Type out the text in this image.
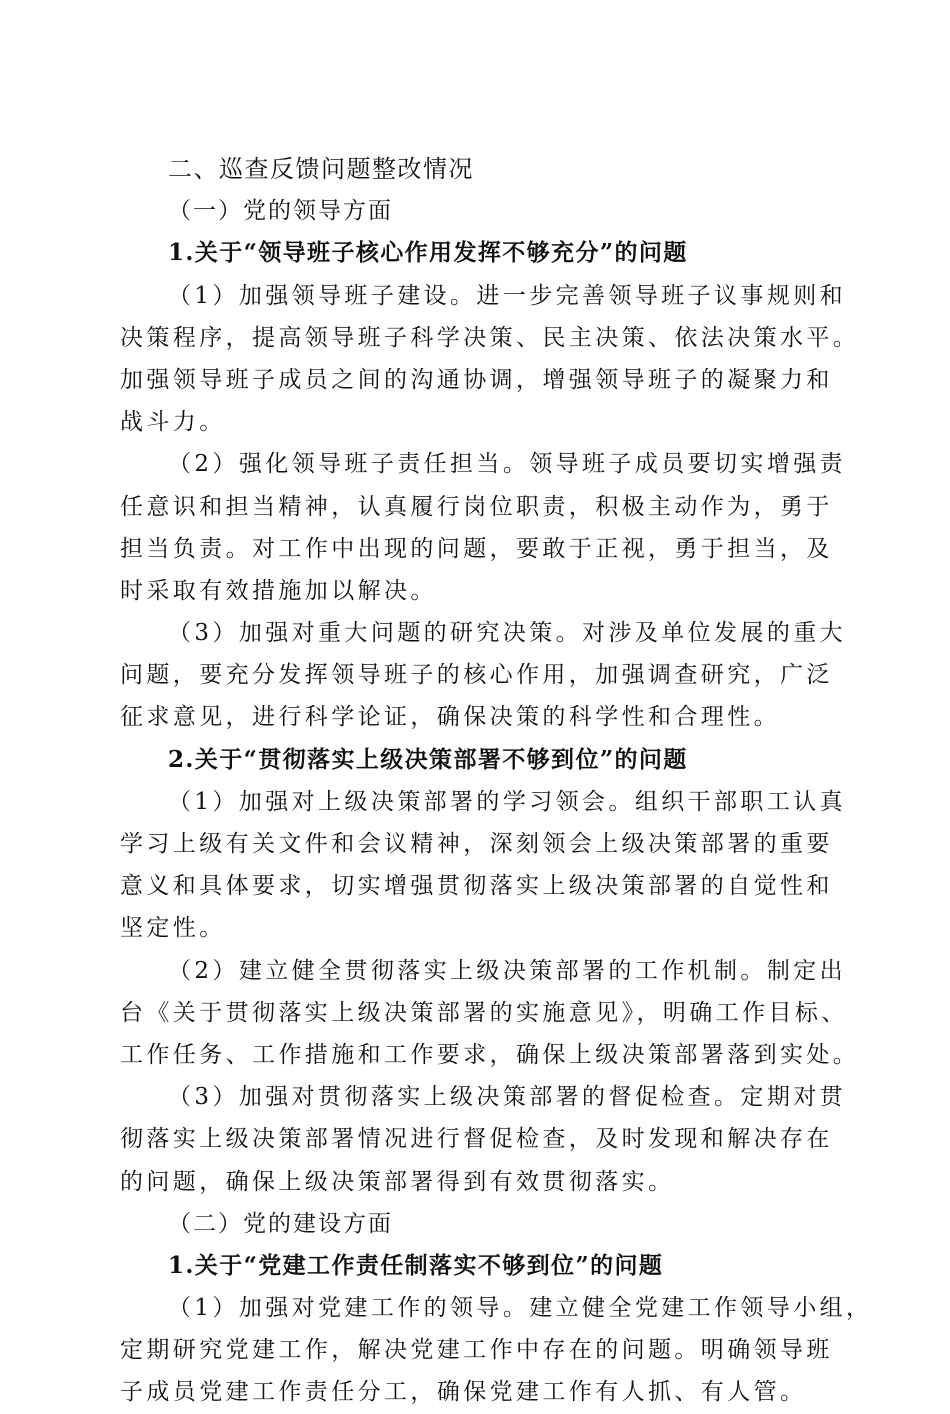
二、巡查反馈问题整改情况
（一）党的领导方面
1.关于“领导班子核心作用发挥不够充分”的问题
（1）加强领导班子建设。进一步完善领导班子议事规则和
决策程序，提高领导班子科学决策、民主决策、依法决策水平。
加强领导班子成员之间的沟通协调，增强领导班子的凝聚力和
战斗力。
（2）强化领导班子责任担当。领导班子成员要切实增强责
任意识和担当精神，认真履行岗位职责，积极主动作为，勇于
担当负责。对工作中出现的问题，要敢于正视，勇于担当，及
时采取有效措施加以解决。
（3）加强对重大问题的研究决策。对涉及单位发展的重大
问题，要充分发挥领导班子的核心作用，加强调查研究，广泛
征求意见，进行科学论证，确保决策的科学性和合理性。
2.关于“贯彻落实上级决策部署不够到位”的问题
（1）加强对上级决策部署的学习领会。组织干部职工认真
学习上级有关文件和会议精神，深刻领会上级决策部署的重要
意义和具体要求，切实增强贯彻落实上级决策部署的自觉性和
坚定性。
（2）建立健全贯彻落实上级决策部署的工作机制。制定出
台《关于贯彻落实上级决策部署的实施意见》，明确工作目标、
工作任务、工作措施和工作要求，确保上级决策部署落到实处。
（3）加强对贯彻落实上级决策部署的督促检查。定期对贯
彻落实上级决策部署情况进行督促检查，及时发现和解决存在
的问题，确保上级决策部署得到有效贯彻落实。
（二）党的建设方面
1.关于“党建工作责任制落实不够到位”的问题
（1）加强对党建工作的领导。建立健全党建工作领导小组，
定期研究党建工作，解决党建工作中存在的问题。明确领导班
子成员党建工作责任分工，确保党建工作有人抓、有人管。
